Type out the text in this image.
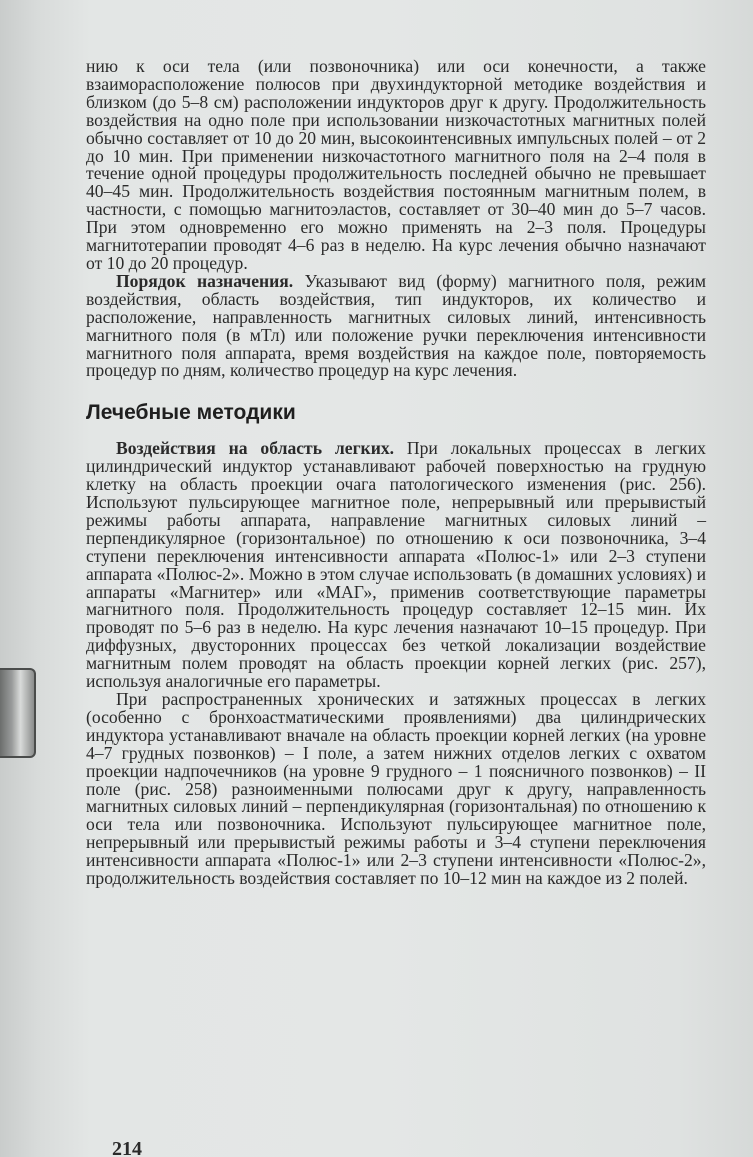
нию к оси тела (или позвоночника) или оси конечности, а также взаиморасположение полюсов при двухиндукторной методике воздействия и близком (до 5–8 см) расположении индукторов друг к другу. Продолжительность воздействия на одно поле при использовании низкочастотных магнитных полей обычно составляет от 10 до 20 мин, высокоинтенсивных импульсных полей – от 2 до 10 мин. При применении низкочастотного магнитного поля на 2–4 поля в течение одной процедуры продолжительность последней обычно не превышает 40–45 мин. Продолжительность воздействия постоянным магнитным полем, в частности, с помощью магнитоэластов, составляет от 30–40 мин до 5–7 часов. При этом одновременно его можно применять на 2–3 поля. Процедуры магнитотерапии проводят 4–6 раз в неделю. На курс лечения обычно назначают от 10 до 20 процедур.

Порядок назначения. Указывают вид (форму) магнитного поля, режим воздействия, область воздействия, тип индукторов, их количество и расположение, направленность магнитных силовых линий, интенсивность магнитного поля (в мТл) или положение ручки переключения интенсивности магнитного поля аппарата, время воздействия на каждое поле, повторяемость процедур по дням, количество процедур на курс лечения.

Лечебные методики

Воздействия на область легких. При локальных процессах в легких цилиндрический индуктор устанавливают рабочей поверхностью на грудную клетку на область проекции очага патологического изменения (рис. 256). Используют пульсирующее магнитное поле, непрерывный или прерывистый режимы работы аппарата, направление магнитных силовых линий – перпендикулярное (горизонтальное) по отношению к оси позвоночника, 3–4 ступени переключения интенсивности аппарата «Полюс-1» или 2–3 ступени аппарата «Полюс-2». Можно в этом случае использовать (в домашних условиях) и аппараты «Магнитер» или «МАГ», применив соответствующие параметры магнитного поля. Продолжительность процедур составляет 12–15 мин. Их проводят по 5–6 раз в неделю. На курс лечения назначают 10–15 процедур. При диффузных, двусторонних процессах без четкой локализации воздействие магнитным полем проводят на область проекции корней легких (рис. 257), используя аналогичные его параметры.

При распространенных хронических и затяжных процессах в легких (особенно с бронхоастматическими проявлениями) два цилиндрических индуктора устанавливают вначале на область проекции корней легких (на уровне 4–7 грудных позвонков) – I поле, а затем нижних отделов легких с охватом проекции надпочечников (на уровне 9 грудного – 1 поясничного позвонков) – II поле (рис. 258) разноименными полюсами друг к другу, направленность магнитных силовых линий – перпендикулярная (горизонтальная) по отношению к оси тела или позвоночника. Используют пульсирующее магнитное поле, непрерывный или прерывистый режимы работы и 3–4 ступени переключения интенсивности аппарата «Полюс-1» или 2–3 ступени интенсивности «Полюс-2», продолжительность воздействия составляет по 10–12 мин на каждое из 2 полей.

214
